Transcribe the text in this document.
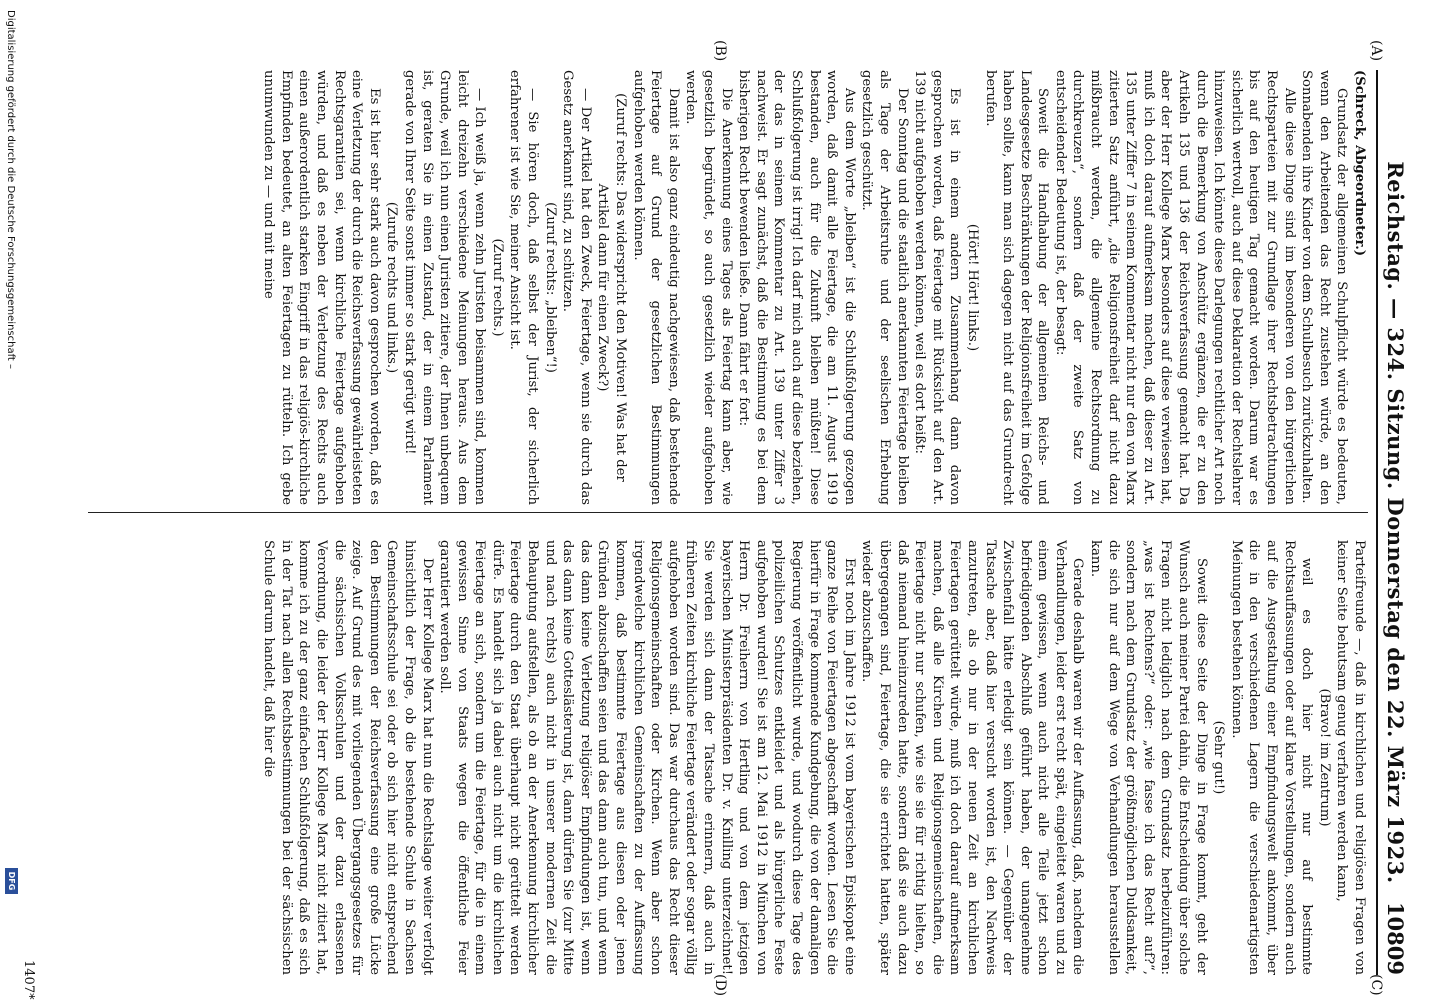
Reichstag. — 324. Sitzung. Donnerstag den 22. März 1923.
10809
(A)
(B)
(C)
(D)

(Schreck, Abgeordneter.)

Grundsatz der allgemeinen Schulpflicht würde es bedeuten, wenn den Arbeitenden das Recht zustehen würde, an den Sonnabenden ihre Kinder von dem Schulbesuch zurückzuhalten.

Alle diese Dinge sind im besonderen von den bürgerlichen Rechtsparteien mit zur Grundlage ihrer Rechtsbetrachtungen bis auf den heutigen Tag gemacht worden. Darum war es sicherlich wertvoll, auch auf diese Deklaration der Rechtslehrer hinzuweisen. Ich könnte diese Darlegungen rechtlicher Art noch durch die Bemerkung von Anschütz ergänzen, die er zu den Artikeln 135 und 136 der Reichsverfassung gemacht hat. Da aber der Herr Kollege Marx besonders auf diese verwiesen hat, muß ich doch darauf aufmerksam machen, daß dieser zu Art. 135 unter Ziffer 7 in seinem Kommentar nicht nur den von Marx zitierten Satz anführt, „die Religionsfreiheit darf nicht dazu mißbraucht werden, die allgemeine Rechtsordnung zu durchkreuzen“, sondern daß der zweite Satz von entscheidender Bedeutung ist, der besagt:

Soweit die Handhabung der allgemeinen Reichs- und Landesgesetze Beschränkungen der Religionsfreiheit im Gefolge haben sollte, kann man sich dagegen nicht auf das Grundrecht berufen.

(Hört! Hört! links.)

Es ist in einem andern Zusammenhang dann davon gesprochen worden, daß Feiertage mit Rücksicht auf den Art. 139 nicht aufgehoben werden können, weil es dort heißt:

Der Sonntag und die staatlich anerkannten Feiertage bleiben als Tage der Arbeitsruhe und der seelischen Erhebung gesetzlich geschützt.

Aus dem Worte „bleiben“ ist die Schlußfolgerung gezogen worden, daß damit alle Feiertage, die am 11. August 1919 bestanden, auch für die Zukunft bleiben müßten! Diese Schlußfolgerung ist irrig! Ich darf mich auch auf diese beziehen, der das in seinem Kommentar zu Art. 139 unter Ziffer 3 nachweist. Er sagt zunächst, daß die Bestimmung es bei dem bisherigen Recht bewenden ließe. Dann fährt er fort:

Die Anerkennung eines Tages als Feiertag kann aber, wie gesetzlich begründet, so auch gesetzlich wieder aufgehoben werden.

Damit ist also ganz eindeutig nachgewiesen, daß bestehende Feiertage auf Grund der gesetzlichen Bestimmungen aufgehoben werden können.

(Zuruf rechts: Das widerspricht den Motiven! Was hat der Artikel dann für einen Zweck?)

— Der Artikel hat den Zweck, Feiertage, wenn sie durch das Gesetz anerkannt sind, zu schützen.

(Zuruf rechts: „bleiben“!)

— Sie hören doch, daß selbst der Jurist, der sicherlich erfahrener ist wie Sie, meiner Ansicht ist.

(Zuruf rechts.)

— Ich weiß ja, wenn zehn Juristen beisammen sind, kommen leicht dreizehn verschiedene Meinungen heraus. Aus dem Grunde, weil ich nun einen Juristen zitiere, der Ihnen unbequem ist, geraten Sie in einen Zustand, der in einem Parlament gerade von Ihrer Seite sonst immer so stark gerügt wird!

(Zurufe rechts und links.)

Es ist hier sehr stark auch davon gesprochen worden, daß es eine Verletzung der durch die Reichsverfassung gewährleisteten Rechtsgarantien sei, wenn kirchliche Feiertage aufgehoben würden, und daß es neben der Verletzung des Rechts auch einen außerordentlich starken Eingriff in das religiös-kirchliche Empfinden bedeutet, an alten Feiertagen zu rütteln. Ich gebe unumwunden zu — und mit meine

Parteifreunde —, daß in kirchlichen und religiösen Fragen von keiner Seite behutsam genug verfahren werden kann,

(Bravo! im Zentrum)

weil es doch hier nicht nur auf bestimmte Rechtsauffassungen oder auf klare Vorstellungen, sondern auch auf die Ausgestaltung einer Empfindungswelt ankommt, über die in den verschiedenen Lagern die verschiedenartigsten Meinungen bestehen können.

(Sehr gut!)

Soweit diese Seite der Dinge in Frage kommt, geht der Wunsch auch meiner Partei dahin, die Entscheidung über solche Fragen nicht lediglich nach dem Grundsatz herbeizuführen: „was ist Rechtens?“ oder: „wie fasse ich das Recht auf?“, sondern nach dem Grundsatz der größtmöglichen Duldsamkeit, die sich nur auf dem Wege von Verhandlungen herausstellen kann.

Gerade deshalb waren wir der Auffassung, daß, nachdem die Verhandlungen, leider erst recht spät, eingeleitet waren und zu einem gewissen, wenn auch nicht alle Teile jetzt schon befriedigenden Abschluß geführt haben, der unangenehme Zwischenfall hätte erledigt sein können. — Gegenüber der Tatsache aber, daß hier versucht worden ist, den Nachweis anzutreten, als ob nur in der neuen Zeit an kirchlichen Feiertagen gerüttelt würde, muß ich doch darauf aufmerksam machen, daß alle Kirchen und Religionsgemeinschaften, die Feiertage nicht nur schufen, wie sie sie für richtig hielten, so daß niemand hineinzureden hatte, sondern daß sie auch dazu übergegangen sind, Feiertage, die sie errichtet hatten, später wieder abzuschaffen.

Erst noch im Jahre 1912 ist vom bayerischen Episkopat eine ganze Reihe von Feiertagen abgeschafft worden. Lesen Sie die hierfür in Frage kommende Kundgebung, die von der damaligen Regierung veröffentlicht wurde, und wodurch diese Tage des polizeilichen Schutzes entkleidet und als bürgerliche Feste aufgehoben wurden! Sie ist am 12. Mai 1912 in München von Herrn Dr. Freiherrn von Hertling und von dem jetzigen bayerischen Ministerpräsidenten Dr. v. Knilling unterzeichnet! Sie werden sich dann der Tatsache erinnern, daß auch in früheren Zeiten kirchliche Feiertage verändert oder sogar völlig aufgehoben worden sind. Das war durchaus das Recht dieser Religionsgemeinschaften oder Kirchen. Wenn aber schon irgendwelche kirchlichen Gemeinschaften zu der Auffassung kommen, daß bestimmte Feiertage aus diesen oder jenen Gründen abzuschaffen seien und das dann auch tun, und wenn das dann keine Verletzung religiöser Empfindungen ist, wenn das dann keine Gotteslästerung ist, dann dürfen Sie (zur Mitte und nach rechts) auch nicht in unserer modernen Zeit die Behauptung aufstellen, als ob an der Anerkennung kirchlicher Feiertage durch den Staat überhaupt nicht gerüttelt werden dürfe. Es handelt sich ja dabei auch nicht um die kirchlichen Feiertage an sich, sondern um die Feiertage, für die in einem gewissen Sinne von Staats wegen die öffentliche Feier garantiert werden soll.

Der Herr Kollege Marx hat nun die Rechtslage weiter verfolgt hinsichtlich der Frage, ob die bestehende Schule in Sachsen Gemeinschaftsschule sei oder ob sich hier nicht entsprechend den Bestimmungen der Reichsverfassung eine große Lücke zeige. Auf Grund des mit vorliegenden Übergangsgesetzes für die sächsischen Volksschulen und der dazu erlassenen Verordnung, die leider der Herr Kollege Marx nicht zitiert hat, komme ich zu der ganz einfachen Schlußfolgerung, daß es sich in der Tat nach allen Rechtsbestimmungen bei der sächsischen Schule darum handelt, daß hier die

1407*
Digitalisierung gefördert durch die Deutsche Forschungsgemeinschaft –
DFG
